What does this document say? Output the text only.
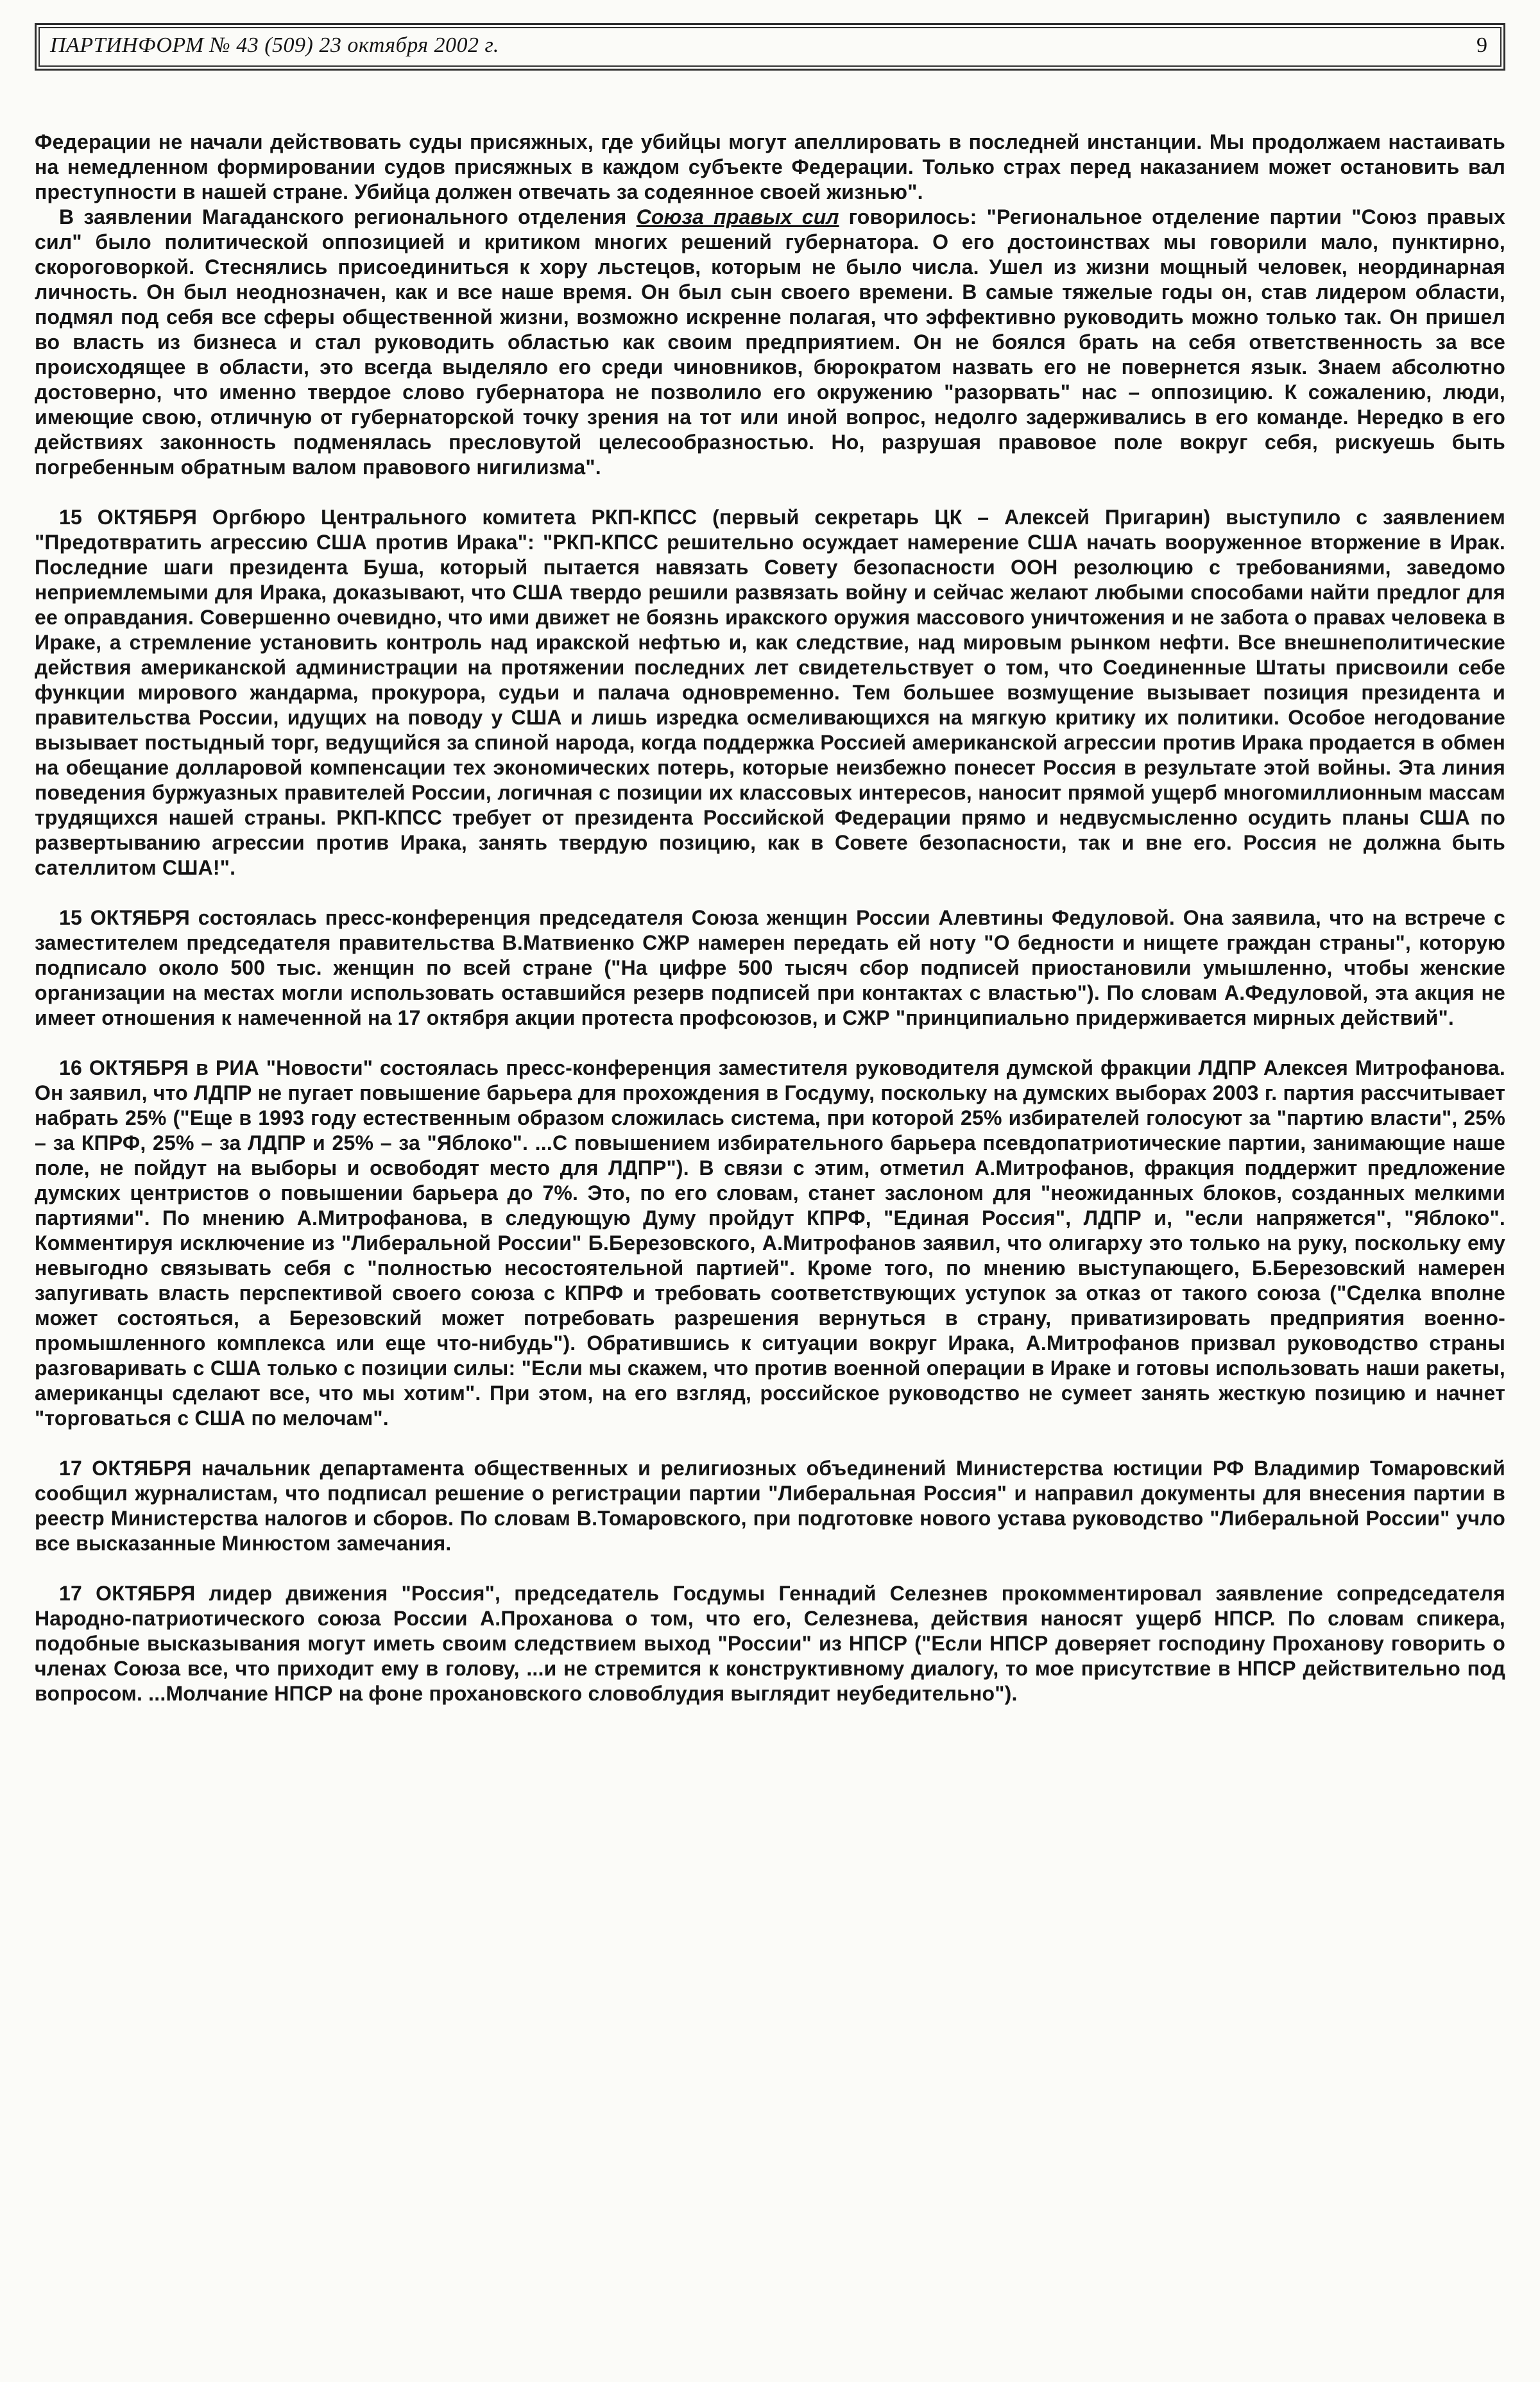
ПАРТИНФОРМ № 43 (509) 23 октября 2002 г.	9
Федерации не начали действовать суды присяжных, где убийцы могут апеллировать в последней инстанции. Мы продолжаем настаивать на немедленном формировании судов присяжных в каждом субъекте Федерации. Только страх перед наказанием может остановить вал преступности в нашей стране. Убийца должен отвечать за содеянное своей жизнью".
В заявлении Магаданского регионального отделения Союза правых сил говорилось: "Региональное отделение партии "Союз правых сил" было политической оппозицией и критиком многих решений губернатора. О его достоинствах мы говорили мало, пунктирно, скороговоркой. Стеснялись присоединиться к хору льстецов, которым не было числа. Ушел из жизни мощный человек, неординарная личность. Он был неоднозначен, как и все наше время. Он был сын своего времени. В самые тяжелые годы он, став лидером области, подмял под себя все сферы общественной жизни, возможно искренне полагая, что эффективно руководить можно только так. Он пришел во власть из бизнеса и стал руководить областью как своим предприятием. Он не боялся брать на себя ответственность за все происходящее в области, это всегда выделяло его среди чиновников, бюрократом назвать его не повернется язык. Знаем абсолютно достоверно, что именно твердое слово губернатора не позволило его окружению "разорвать" нас – оппозицию. К сожалению, люди, имеющие свою, отличную от губернаторской точку зрения на тот или иной вопрос, недолго задерживались в его команде. Нередко в его действиях законность подменялась пресловутой целесообразностью. Но, разрушая правовое поле вокруг себя, рискуешь быть погребенным обратным валом правового нигилизма".
15 ОКТЯБРЯ Оргбюро Центрального комитета РКП-КПСС (первый секретарь ЦК – Алексей Пригарин) выступило с заявлением "Предотвратить агрессию США против Ирака": "РКП-КПСС решительно осуждает намерение США начать вооруженное вторжение в Ирак. Последние шаги президента Буша, который пытается навязать Совету безопасности ООН резолюцию с требованиями, заведомо неприемлемыми для Ирака, доказывают, что США твердо решили развязать войну и сейчас желают любыми способами найти предлог для ее оправдания. Совершенно очевидно, что ими движет не боязнь иракского оружия массового уничтожения и не забота о правах человека в Ираке, а стремление установить контроль над иракской нефтью и, как следствие, над мировым рынком нефти. Все внешнеполитические действия американской администрации на протяжении последних лет свидетельствует о том, что Соединенные Штаты присвоили себе функции мирового жандарма, прокурора, судьи и палача одновременно. Тем большее возмущение вызывает позиция президента и правительства России, идущих на поводу у США и лишь изредка осмеливающихся на мягкую критику их политики. Особое негодование вызывает постыдный торг, ведущийся за спиной народа, когда поддержка Россией американской агрессии против Ирака продается в обмен на обещание долларовой компенсации тех экономических потерь, которые неизбежно понесет Россия в результате этой войны. Эта линия поведения буржуазных правителей России, логичная с позиции их классовых интересов, наносит прямой ущерб многомиллионным массам трудящихся нашей страны. РКП-КПСС требует от президента Российской Федерации прямо и недвусмысленно осудить планы США по развертыванию агрессии против Ирака, занять твердую позицию, как в Совете безопасности, так и вне его. Россия не должна быть сателлитом США!".
15 ОКТЯБРЯ состоялась пресс-конференция председателя Союза женщин России Алевтины Федуловой. Она заявила, что на встрече с заместителем председателя правительства В.Матвиенко СЖР намерен передать ей ноту "О бедности и нищете граждан страны", которую подписало около 500 тыс. женщин по всей стране ("На цифре 500 тысяч сбор подписей приостановили умышленно, чтобы женские организации на местах могли использовать оставшийся резерв подписей при контактах с властью"). По словам А.Федуловой, эта акция не имеет отношения к намеченной на 17 октября акции протеста профсоюзов, и СЖР "принципиально придерживается мирных действий".
16 ОКТЯБРЯ в РИА "Новости" состоялась пресс-конференция заместителя руководителя думской фракции ЛДПР Алексея Митрофанова. Он заявил, что ЛДПР не пугает повышение барьера для прохождения в Госдуму, поскольку на думских выборах 2003 г. партия рассчитывает набрать 25% ("Еще в 1993 году естественным образом сложилась система, при которой 25% избирателей голосуют за "партию власти", 25% – за КПРФ, 25% – за ЛДПР и 25% – за "Яблоко". ...С повышением избирательного барьера псевдопатриотические партии, занимающие наше поле, не пойдут на выборы и освободят место для ЛДПР"). В связи с этим, отметил А.Митрофанов, фракция поддержит предложение думских центристов о повышении барьера до 7%. Это, по его словам, станет заслоном для "неожиданных блоков, созданных мелкими партиями". По мнению А.Митрофанова, в следующую Думу пройдут КПРФ, "Единая Россия", ЛДПР и, "если напряжется", "Яблоко". Комментируя исключение из "Либеральной России" Б.Березовского, А.Митрофанов заявил, что олигарху это только на руку, поскольку ему невыгодно связывать себя с "полностью несостоятельной партией". Кроме того, по мнению выступающего, Б.Березовский намерен запугивать власть перспективой своего союза с КПРФ и требовать соответствующих уступок за отказ от такого союза ("Сделка вполне может состояться, а Березовский может потребовать разрешения вернуться в страну, приватизировать предприятия военно-промышленного комплекса или еще что-нибудь"). Обратившись к ситуации вокруг Ирака, А.Митрофанов призвал руководство страны разговаривать с США только с позиции силы: "Если мы скажем, что против военной операции в Ираке и готовы использовать наши ракеты, американцы сделают все, что мы хотим". При этом, на его взгляд, российское руководство не сумеет занять жесткую позицию и начнет "торговаться с США по мелочам".
17 ОКТЯБРЯ начальник департамента общественных и религиозных объединений Министерства юстиции РФ Владимир Томаровский сообщил журналистам, что подписал решение о регистрации партии "Либеральная Россия" и направил документы для внесения партии в реестр Министерства налогов и сборов. По словам В.Томаровского, при подготовке нового устава руководство "Либеральной России" учло все высказанные Минюстом замечания.
17 ОКТЯБРЯ лидер движения "Россия", председатель Госдумы Геннадий Селезнев прокомментировал заявление сопредседателя Народно-патриотического союза России А.Проханова о том, что его, Селезнева, действия наносят ущерб НПСР. По словам спикера, подобные высказывания могут иметь своим следствием выход "России" из НПСР ("Если НПСР доверяет господину Проханову говорить о членах Союза все, что приходит ему в голову, ...и не стремится к конструктивному диалогу, то мое присутствие в НПСР действительно под вопросом. ...Молчание НПСР на фоне прохановского словоблудия выглядит неубедительно").
